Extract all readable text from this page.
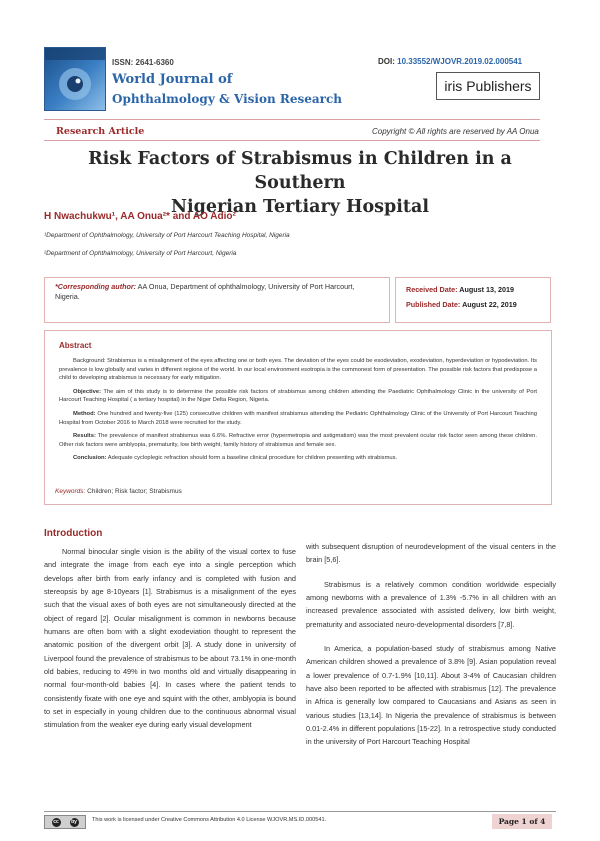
ISSN: 2641-6360
World Journal of
Ophthalmology & Vision Research
DOI: 10.33552/WJOVR.2019.02.000541
iris Publishers
Research Article	Copyright © All rights are reserved by AA Onua
Risk Factors of Strabismus in Children in a Southern
Nigerian Tertiary Hospital
H Nwachukwu¹, AA Onua²* and AO Adio²
¹Department of Ophthalmology, University of Port Harcourt Teaching Hospital, Nigeria
²Department of Ophthalmology, University of Port Harcourt, Nigeria
*Corresponding author: AA Onua, Department of ophthalmology, University of Port Harcourt, Nigeria.
Received Date: August 13, 2019
Published Date: August 22, 2019
Abstract

Background: Strabismus is a misalignment of the eyes affecting one or both eyes. The deviation of the eyes could be esodeviation, exodeviation, hyperdeviation or hypodeviation. Its prevalence is low globally and varies in different regions of the world. In our local environment esotropia is the commonest form of presentation. The possible risk factors that predispose a child to developing strabismus is necessary for early mitigation.

Objective: The aim of this study is to determine the possible risk factors of strabismus among children attending the Paediatric Ophthalmology Clinic in the university of Port Harcourt Teaching Hospital ( a tertiary hospital) in the Niger Delta Region, Nigeria.

Method: One hundred and twenty-five (125) consecutive children with manifest strabismus attending the Pediatric Ophthalmology Clinic of the University of Port Harcourt Teaching Hospital from October 2016 to March 2018 were recruited for the study.

Results: The prevalence of manifest strabismus was 6.6%. Refractive error (hypermetropia and astigmatism) was the most prevalent ocular risk factor seen among these children. Other risk factors were amblyopia, prematurity, low birth weight, family history of strabismus and female sex.

Conclusion: Adequate cycloplegic refraction should form a baseline clinical procedure for children presenting with strabismus.

Keywords: Children; Risk factor; Strabismus
Introduction

Normal binocular single vision is the ability of the visual cortex to fuse and integrate the image from each eye into a single perception which develops after birth from early infancy and is completed with fusion and stereopsis by age 8-10years [1]. Strabismus is a misalignment of the eyes such that the visual axes of both eyes are not simultaneously directed at the object of regard [2]. Ocular misalignment is common in newborns because humans are often born with a slight exodeviation thought to represent the anatomic position of the divergent orbit [3]. A study done in university of Liverpool found the prevalence of strabismus to be about 73.1% in one-month old babies, reducing to 49% in two months old and virtually disappearing in normal four-month-old babies [4]. In cases where the patient tends to consistently fixate with one eye and squint with the other, amblyopia is bound to set in especially in young children due to the continuous abnormal visual stimulation from the weaker eye during early visual development

with subsequent disruption of neurodevelopment of the visual centers in the brain [5,6].

Strabismus is a relatively common condition worldwide especially among newborns with a prevalence of 1.3% -5.7% in all children with an increased prevalence associated with assisted delivery, low birth weight, prematurity and associated neuro-developmental disorders [7,8].

In America, a population-based study of strabismus among Native American children showed a prevalence of 3.8% [9]. Asian population reveal a lower prevalence of 0.7-1.9% [10,11]. About 3-4% of Caucasian children have also been reported to be affected with strabismus [12]. The prevalence in Africa is generally low compared to Caucasians and Asians as seen in various studies [13,14]. In Nigeria the prevalence of strabismus is between 0.01-2.4% in different populations [15-22]. In a retrospective study conducted in the university of Port Harcourt Teaching Hospital

cc	by	This work is licensed under Creative Commons Attribution 4.0 License WJOVR.MS.ID.000541.	Page 1 of 4
